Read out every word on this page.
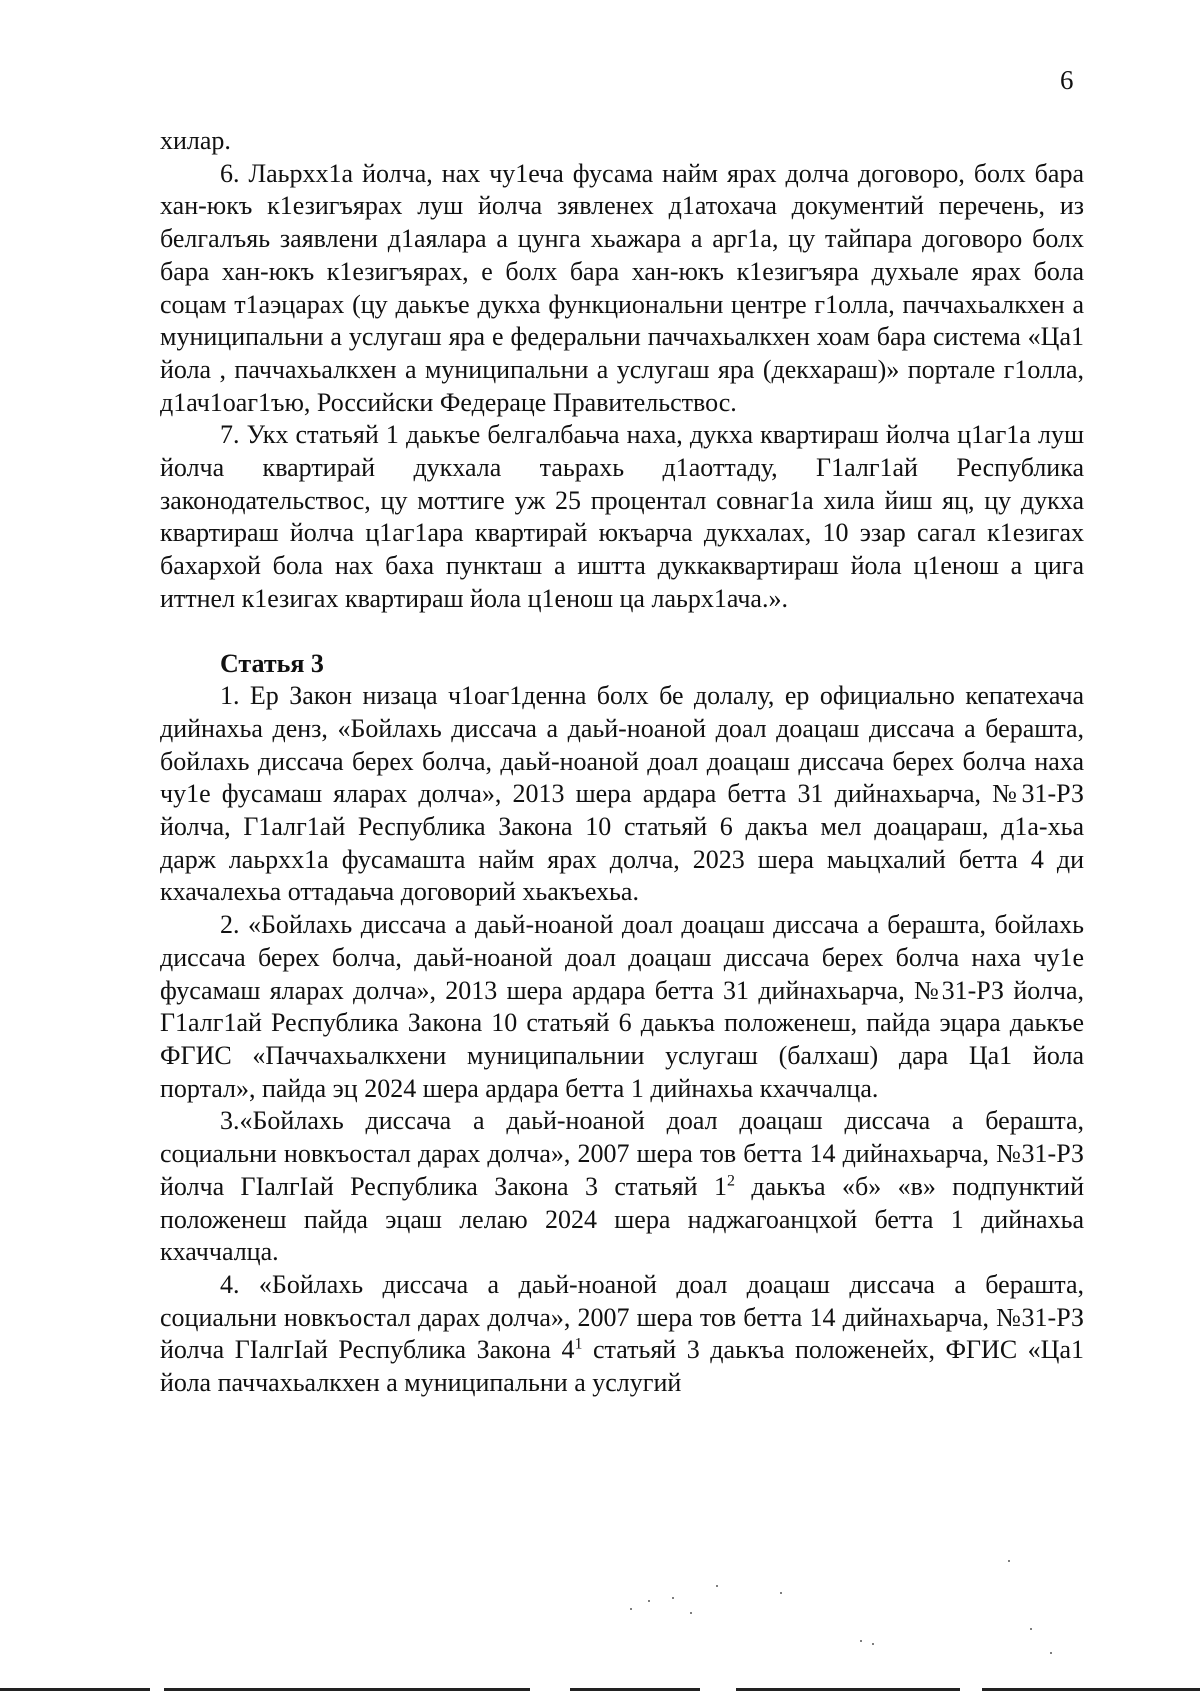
6

хилар.

6. Лаьрхх1а йолча, нах чу1еча фусама найм ярах долча договоро, болх бара хан-юкъ к1езигъярах луш йолча зявленех д1атохача документий перечень, из белгалъяь заявлени д1аялара а цунга хьажара а арг1а, цу тайпара договоро болх бара хан-юкъ к1езигъярах, е болх бара хан-юкъ к1езигъяра духьале ярах бола соцам т1аэцарах (цу даькъе дукха функциональни центре г1олла, паччахьалкхен а муниципальни а услугаш яра е федеральни паччахьалкхен хоам бара система «Ца1 йола , паччахьалкхен а муниципальни а услугаш яра (декхараш)» портале г1олла, д1ач1оаг1ъю, Российски Федераце Правительствос.

7. Укх статьяй 1 даькъе белгалбаьча наха, дукха квартираш йолча ц1аг1а луш йолча квартирай дукхала таьрахь д1аоттаду, Г1алг1ай Республика законодательствос, цу моттиге уж 25 процентал совнаг1а хила йиш яц, цу дукха квартираш йолча ц1аг1ара квартирай юкъарча дукхалах, 10 эзар сагал к1езигах бахархой бола нах баха пункташ а иштта дуккаквартираш йола ц1енош а цига иттнел к1езигах квартираш йола ц1енош ца лаьрх1ача.».

Статья 3

1. Ер Закон низаца ч1оаг1денна болх бе долалу, ер официально кепатехача дийнахьа денз, «Бойлахь диссача а даьй-ноаной доал доацаш диссача а берашта, бойлахь диссача берех болча, даьй-ноаной доал доацаш диссача берех болча наха чу1е фусамаш яларах долча», 2013 шера ардара бетта 31 дийнахьарча, №31-РЗ йолча, Г1алг1ай Республика Закона 10 статьяй 6 дакъа мел доацараш, д1а-хьа дарж лаьрхх1а фусамашта найм ярах долча, 2023 шера маьцхалий бетта 4 ди кхачалехьа оттадаьча договорий хьакъехьа.

2. «Бойлахь диссача а даьй-ноаной доал доацаш диссача а берашта, бойлахь диссача берех болча, даьй-ноаной доал доацаш диссача берех болча наха чу1е фусамаш яларах долча», 2013 шера ардара бетта 31 дийнахьарча, №31-РЗ йолча, Г1алг1ай Республика Закона 10 статьяй 6 даькъа положенеш, пайда эцара даькъе ФГИС «Паччахьалкхени муниципальнии услугаш (балхаш) дара Ца1 йола портал», пайда эц 2024 шера ардара бетта 1 дийнахьа кхаччалца.

3.«Бойлахь диссача а даьй-ноаной доал доацаш диссача а берашта, социальни новкъостал дарах долча», 2007 шера тов бетта 14 дийнахьарча, №31-РЗ йолча ГIалгIай Республика Закона 3 статьяй $1^2$ даькъа «б» «в» подпунктий положенеш пайда эцаш лелаю 2024 шера наджагоанцхой бетта 1 дийнахьа кхаччалца.

4. «Бойлахь диссача а даьй-ноаной доал доацаш диссача а берашта, социальни новкъостал дарах долча», 2007 шера тов бетта 14 дийнахьарча, №31-РЗ йолча ГIалгIай Республика Закона $4^1$ статьяй 3 даькъа положенейх, ФГИС «Ца1 йола паччахьалкхен а муниципальни а услугий
